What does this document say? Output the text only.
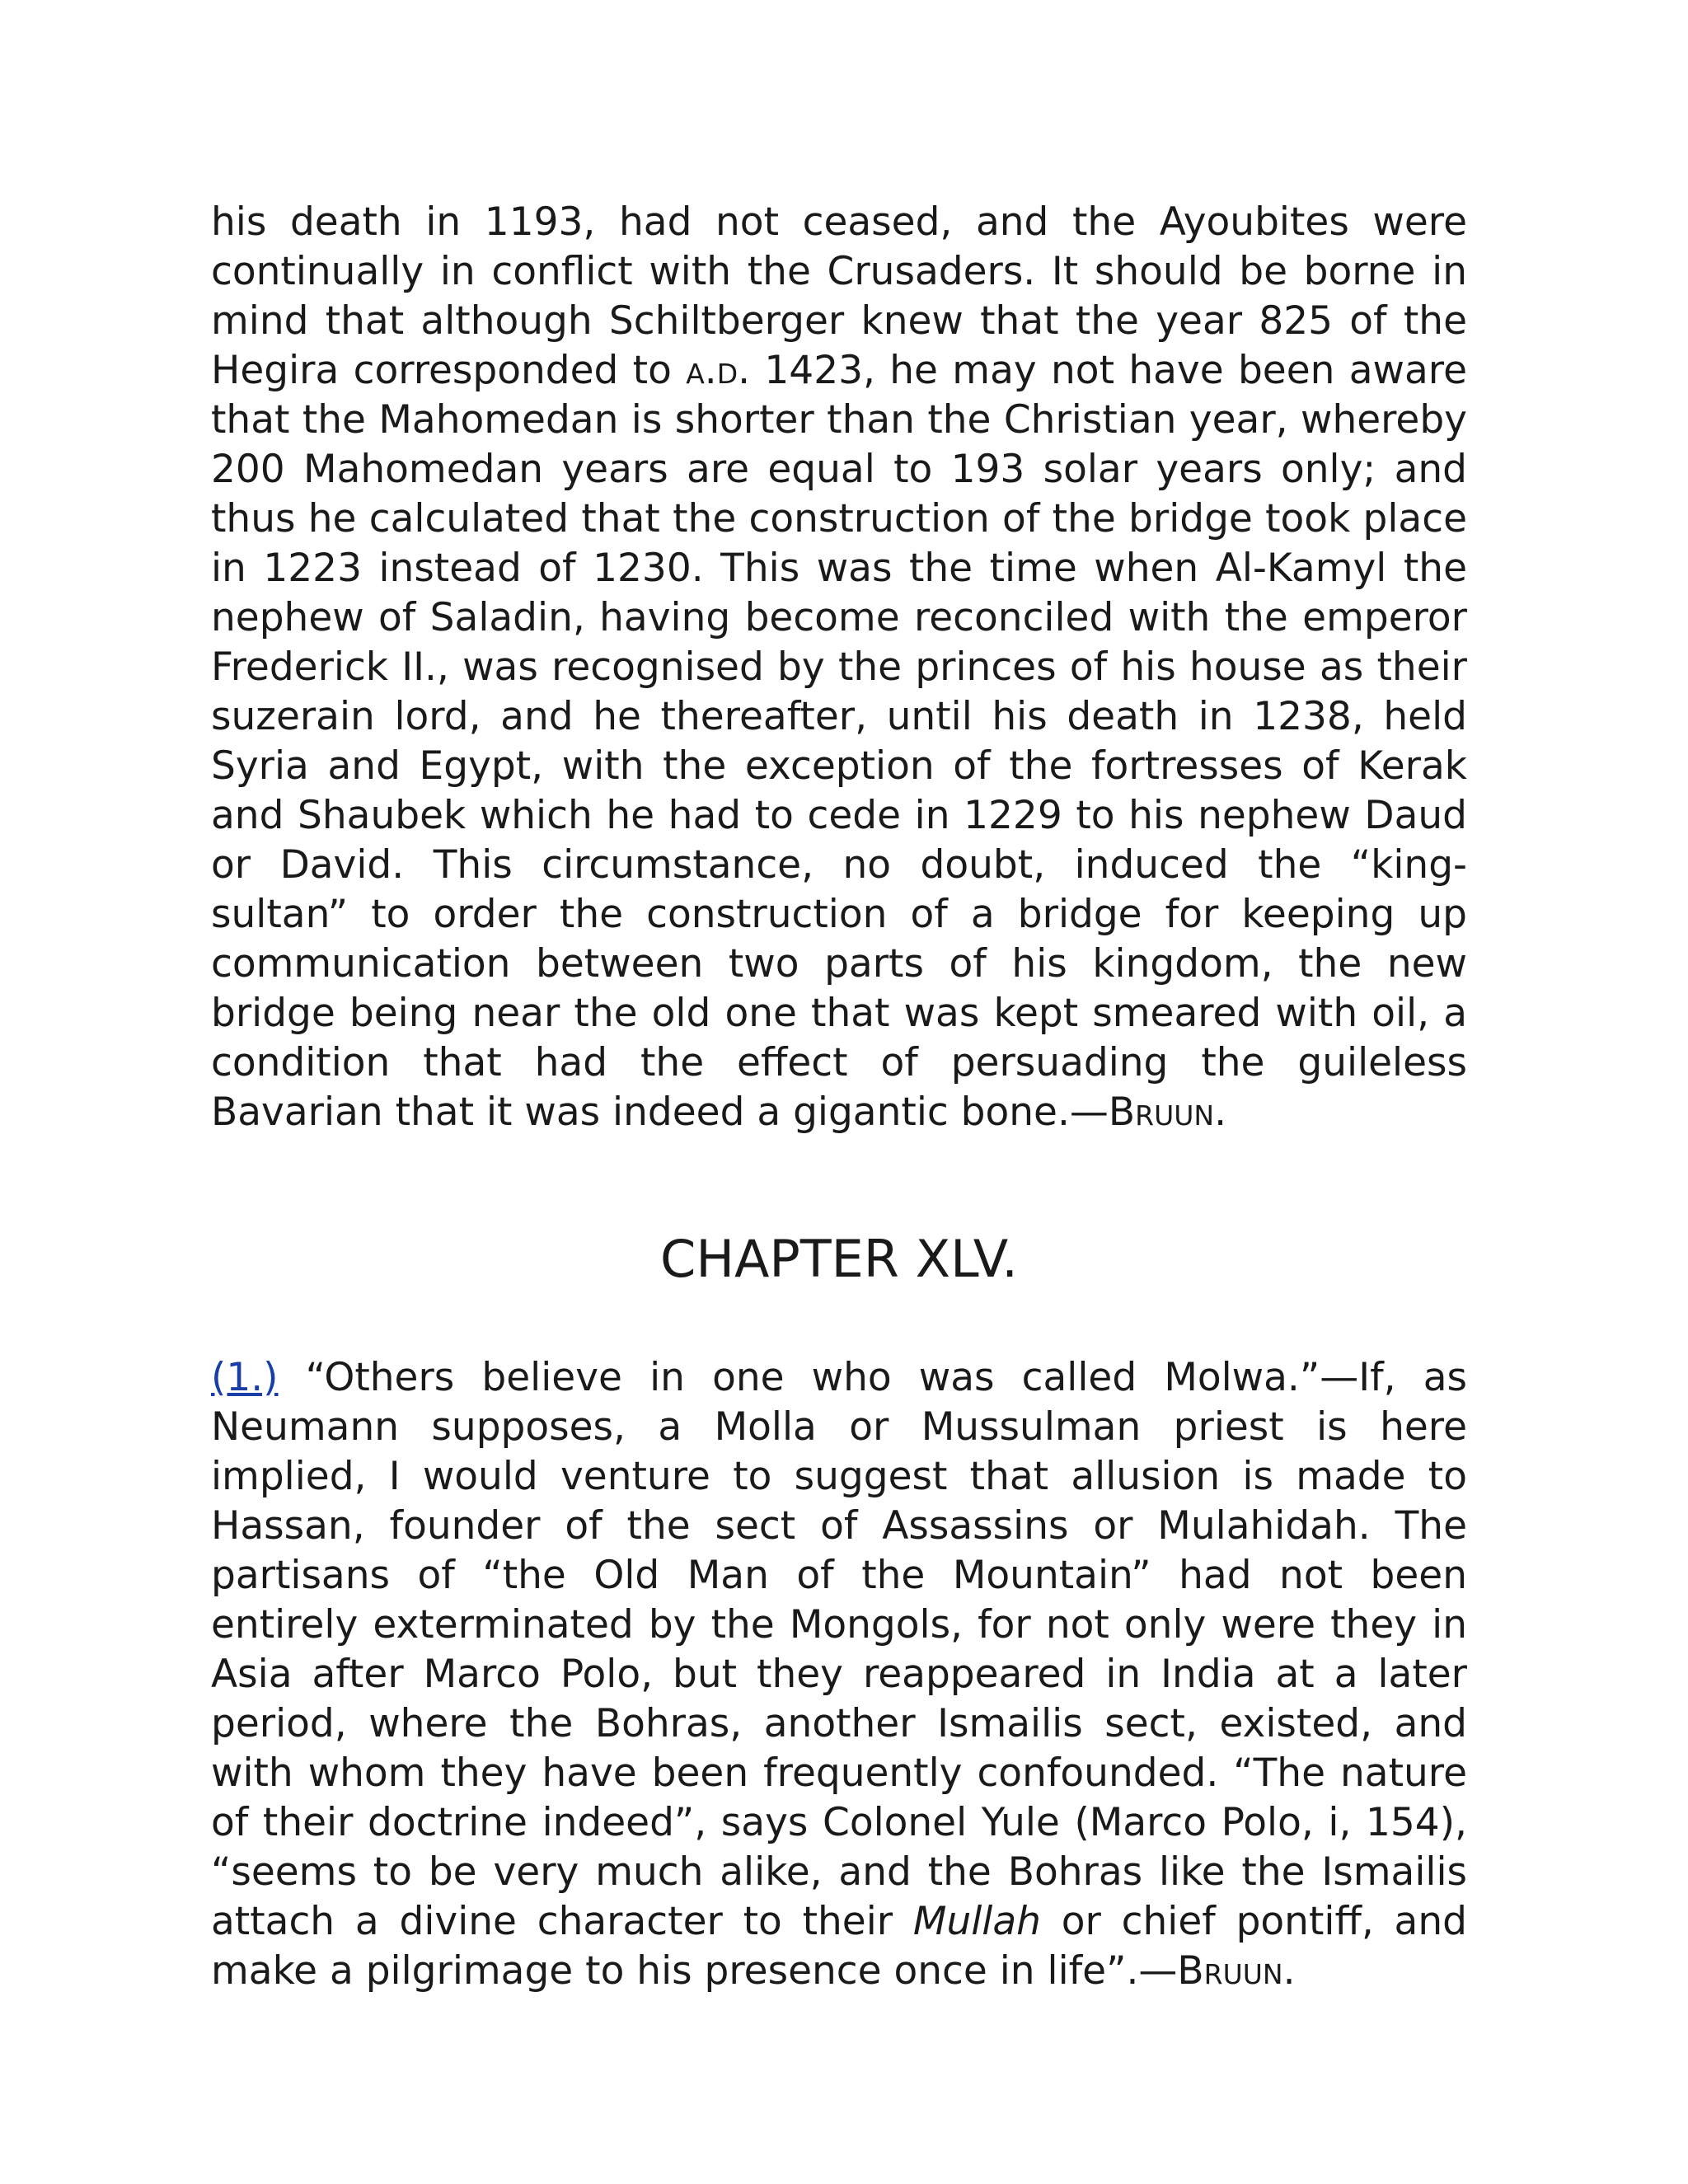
his death in 1193, had not ceased, and the Ayoubites were continually in conflict with the Crusaders. It should be borne in mind that although Schiltberger knew that the year 825 of the Hegira corresponded to a.d. 1423, he may not have been aware that the Mahomedan is shorter than the Christian year, whereby 200 Mahomedan years are equal to 193 solar years only; and thus he calculated that the construction of the bridge took place in 1223 instead of 1230. This was the time when Al-Kamyl the nephew of Saladin, having become reconciled with the emperor Frederick II., was recognised by the princes of his house as their suzerain lord, and he thereafter, until his death in 1238, held Syria and Egypt, with the exception of the fortresses of Kerak and Shaubek which he had to cede in 1229 to his nephew Daud or David. This circumstance, no doubt, induced the “king-sultan” to order the construction of a bridge for keeping up communication between two parts of his kingdom, the new bridge being near the old one that was kept smeared with oil, a condition that had the effect of persuading the guileless Bavarian that it was indeed a gigantic bone.—Bruun.

CHAPTER XLV.

(1.) “Others believe in one who was called Molwa.”—If, as Neumann supposes, a Molla or Mussulman priest is here implied, I would venture to suggest that allusion is made to Hassan, founder of the sect of Assassins or Mulahidah. The partisans of “the Old Man of the Mountain” had not been entirely exterminated by the Mongols, for not only were they in Asia after Marco Polo, but they reappeared in India at a later period, where the Bohras, another Ismailis sect, existed, and with whom they have been frequently confounded. “The nature of their doctrine indeed”, says Colonel Yule (Marco Polo, i, 154), “seems to be very much alike, and the Bohras like the Ismailis attach a divine character to their Mullah or chief pontiff, and make a pilgrimage to his presence once in life”.—Bruun.
